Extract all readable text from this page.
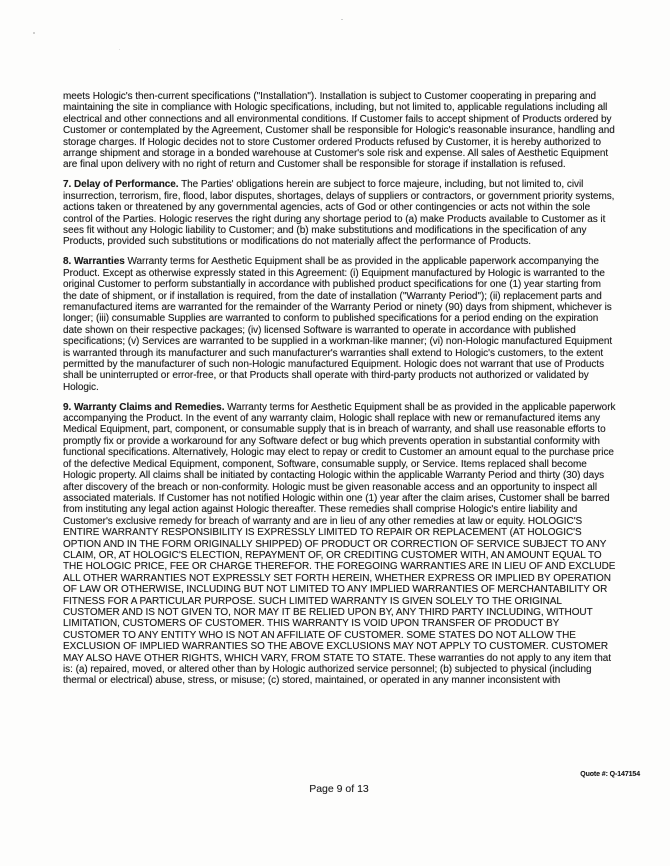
meets Hologic's then-current specifications ("Installation"). Installation is subject to Customer cooperating in preparing and maintaining the site in compliance with Hologic specifications, including, but not limited to, applicable regulations including all electrical and other connections and all environmental conditions. If Customer fails to accept shipment of Products ordered by Customer or contemplated by the Agreement, Customer shall be responsible for Hologic's reasonable insurance, handling and storage charges. If Hologic decides not to store Customer ordered Products refused by Customer, it is hereby authorized to arrange shipment and storage in a bonded warehouse at Customer's sole risk and expense. All sales of Aesthetic Equipment are final upon delivery with no right of return and Customer shall be responsible for storage if installation is refused.

7. Delay of Performance. The Parties' obligations herein are subject to force majeure, including, but not limited to, civil insurrection, terrorism, fire, flood, labor disputes, shortages, delays of suppliers or contractors, or government priority systems, actions taken or threatened by any governmental agencies, acts of God or other contingencies or acts not within the sole control of the Parties. Hologic reserves the right during any shortage period to (a) make Products available to Customer as it sees fit without any Hologic liability to Customer; and (b) make substitutions and modifications in the specification of any Products, provided such substitutions or modifications do not materially affect the performance of Products.

8. Warranties Warranty terms for Aesthetic Equipment shall be as provided in the applicable paperwork accompanying the Product. Except as otherwise expressly stated in this Agreement: (i) Equipment manufactured by Hologic is warranted to the original Customer to perform substantially in accordance with published product specifications for one (1) year starting from the date of shipment, or if installation is required, from the date of installation ("Warranty Period"); (ii) replacement parts and remanufactured items are warranted for the remainder of the Warranty Period or ninety (90) days from shipment, whichever is longer; (iii) consumable Supplies are warranted to conform to published specifications for a period ending on the expiration date shown on their respective packages; (iv) licensed Software is warranted to operate in accordance with published specifications; (v) Services are warranted to be supplied in a workman-like manner; (vi) non-Hologic manufactured Equipment is warranted through its manufacturer and such manufacturer's warranties shall extend to Hologic's customers, to the extent permitted by the manufacturer of such non-Hologic manufactured Equipment. Hologic does not warrant that use of Products shall be uninterrupted or error-free, or that Products shall operate with third-party products not authorized or validated by Hologic.

9. Warranty Claims and Remedies. Warranty terms for Aesthetic Equipment shall be as provided in the applicable paperwork accompanying the Product. In the event of any warranty claim, Hologic shall replace with new or remanufactured items any Medical Equipment, part, component, or consumable supply that is in breach of warranty, and shall use reasonable efforts to promptly fix or provide a workaround for any Software defect or bug which prevents operation in substantial conformity with functional specifications. Alternatively, Hologic may elect to repay or credit to Customer an amount equal to the purchase price of the defective Medical Equipment, component, Software, consumable supply, or Service. Items replaced shall become Hologic property. All claims shall be initiated by contacting Hologic within the applicable Warranty Period and thirty (30) days after discovery of the breach or non-conformity. Hologic must be given reasonable access and an opportunity to inspect all associated materials. If Customer has not notified Hologic within one (1) year after the claim arises, Customer shall be barred from instituting any legal action against Hologic thereafter. These remedies shall comprise Hologic's entire liability and Customer's exclusive remedy for breach of warranty and are in lieu of any other remedies at law or equity. HOLOGIC'S ENTIRE WARRANTY RESPONSIBILITY IS EXPRESSLY LIMITED TO REPAIR OR REPLACEMENT (AT HOLOGIC'S OPTION AND IN THE FORM ORIGINALLY SHIPPED) OF PRODUCT OR CORRECTION OF SERVICE SUBJECT TO ANY CLAIM, OR, AT HOLOGIC'S ELECTION, REPAYMENT OF, OR CREDITING CUSTOMER WITH, AN AMOUNT EQUAL TO THE HOLOGIC PRICE, FEE OR CHARGE THEREFOR. THE FOREGOING WARRANTIES ARE IN LIEU OF AND EXCLUDE ALL OTHER WARRANTIES NOT EXPRESSLY SET FORTH HEREIN, WHETHER EXPRESS OR IMPLIED BY OPERATION OF LAW OR OTHERWISE, INCLUDING BUT NOT LIMITED TO ANY IMPLIED WARRANTIES OF MERCHANTABILITY OR FITNESS FOR A PARTICULAR PURPOSE. SUCH LIMITED WARRANTY IS GIVEN SOLELY TO THE ORIGINAL CUSTOMER AND IS NOT GIVEN TO, NOR MAY IT BE RELIED UPON BY, ANY THIRD PARTY INCLUDING, WITHOUT LIMITATION, CUSTOMERS OF CUSTOMER. THIS WARRANTY IS VOID UPON TRANSFER OF PRODUCT BY CUSTOMER TO ANY ENTITY WHO IS NOT AN AFFILIATE OF CUSTOMER. SOME STATES DO NOT ALLOW THE EXCLUSION OF IMPLIED WARRANTIES SO THE ABOVE EXCLUSIONS MAY NOT APPLY TO CUSTOMER. CUSTOMER MAY ALSO HAVE OTHER RIGHTS, WHICH VARY, FROM STATE TO STATE. These warranties do not apply to any item that is: (a) repaired, moved, or altered other than by Hologic authorized service personnel; (b) subjected to physical (including thermal or electrical) abuse, stress, or misuse; (c) stored, maintained, or operated in any manner inconsistent with

Quote #: Q-147154
Page 9 of 13
